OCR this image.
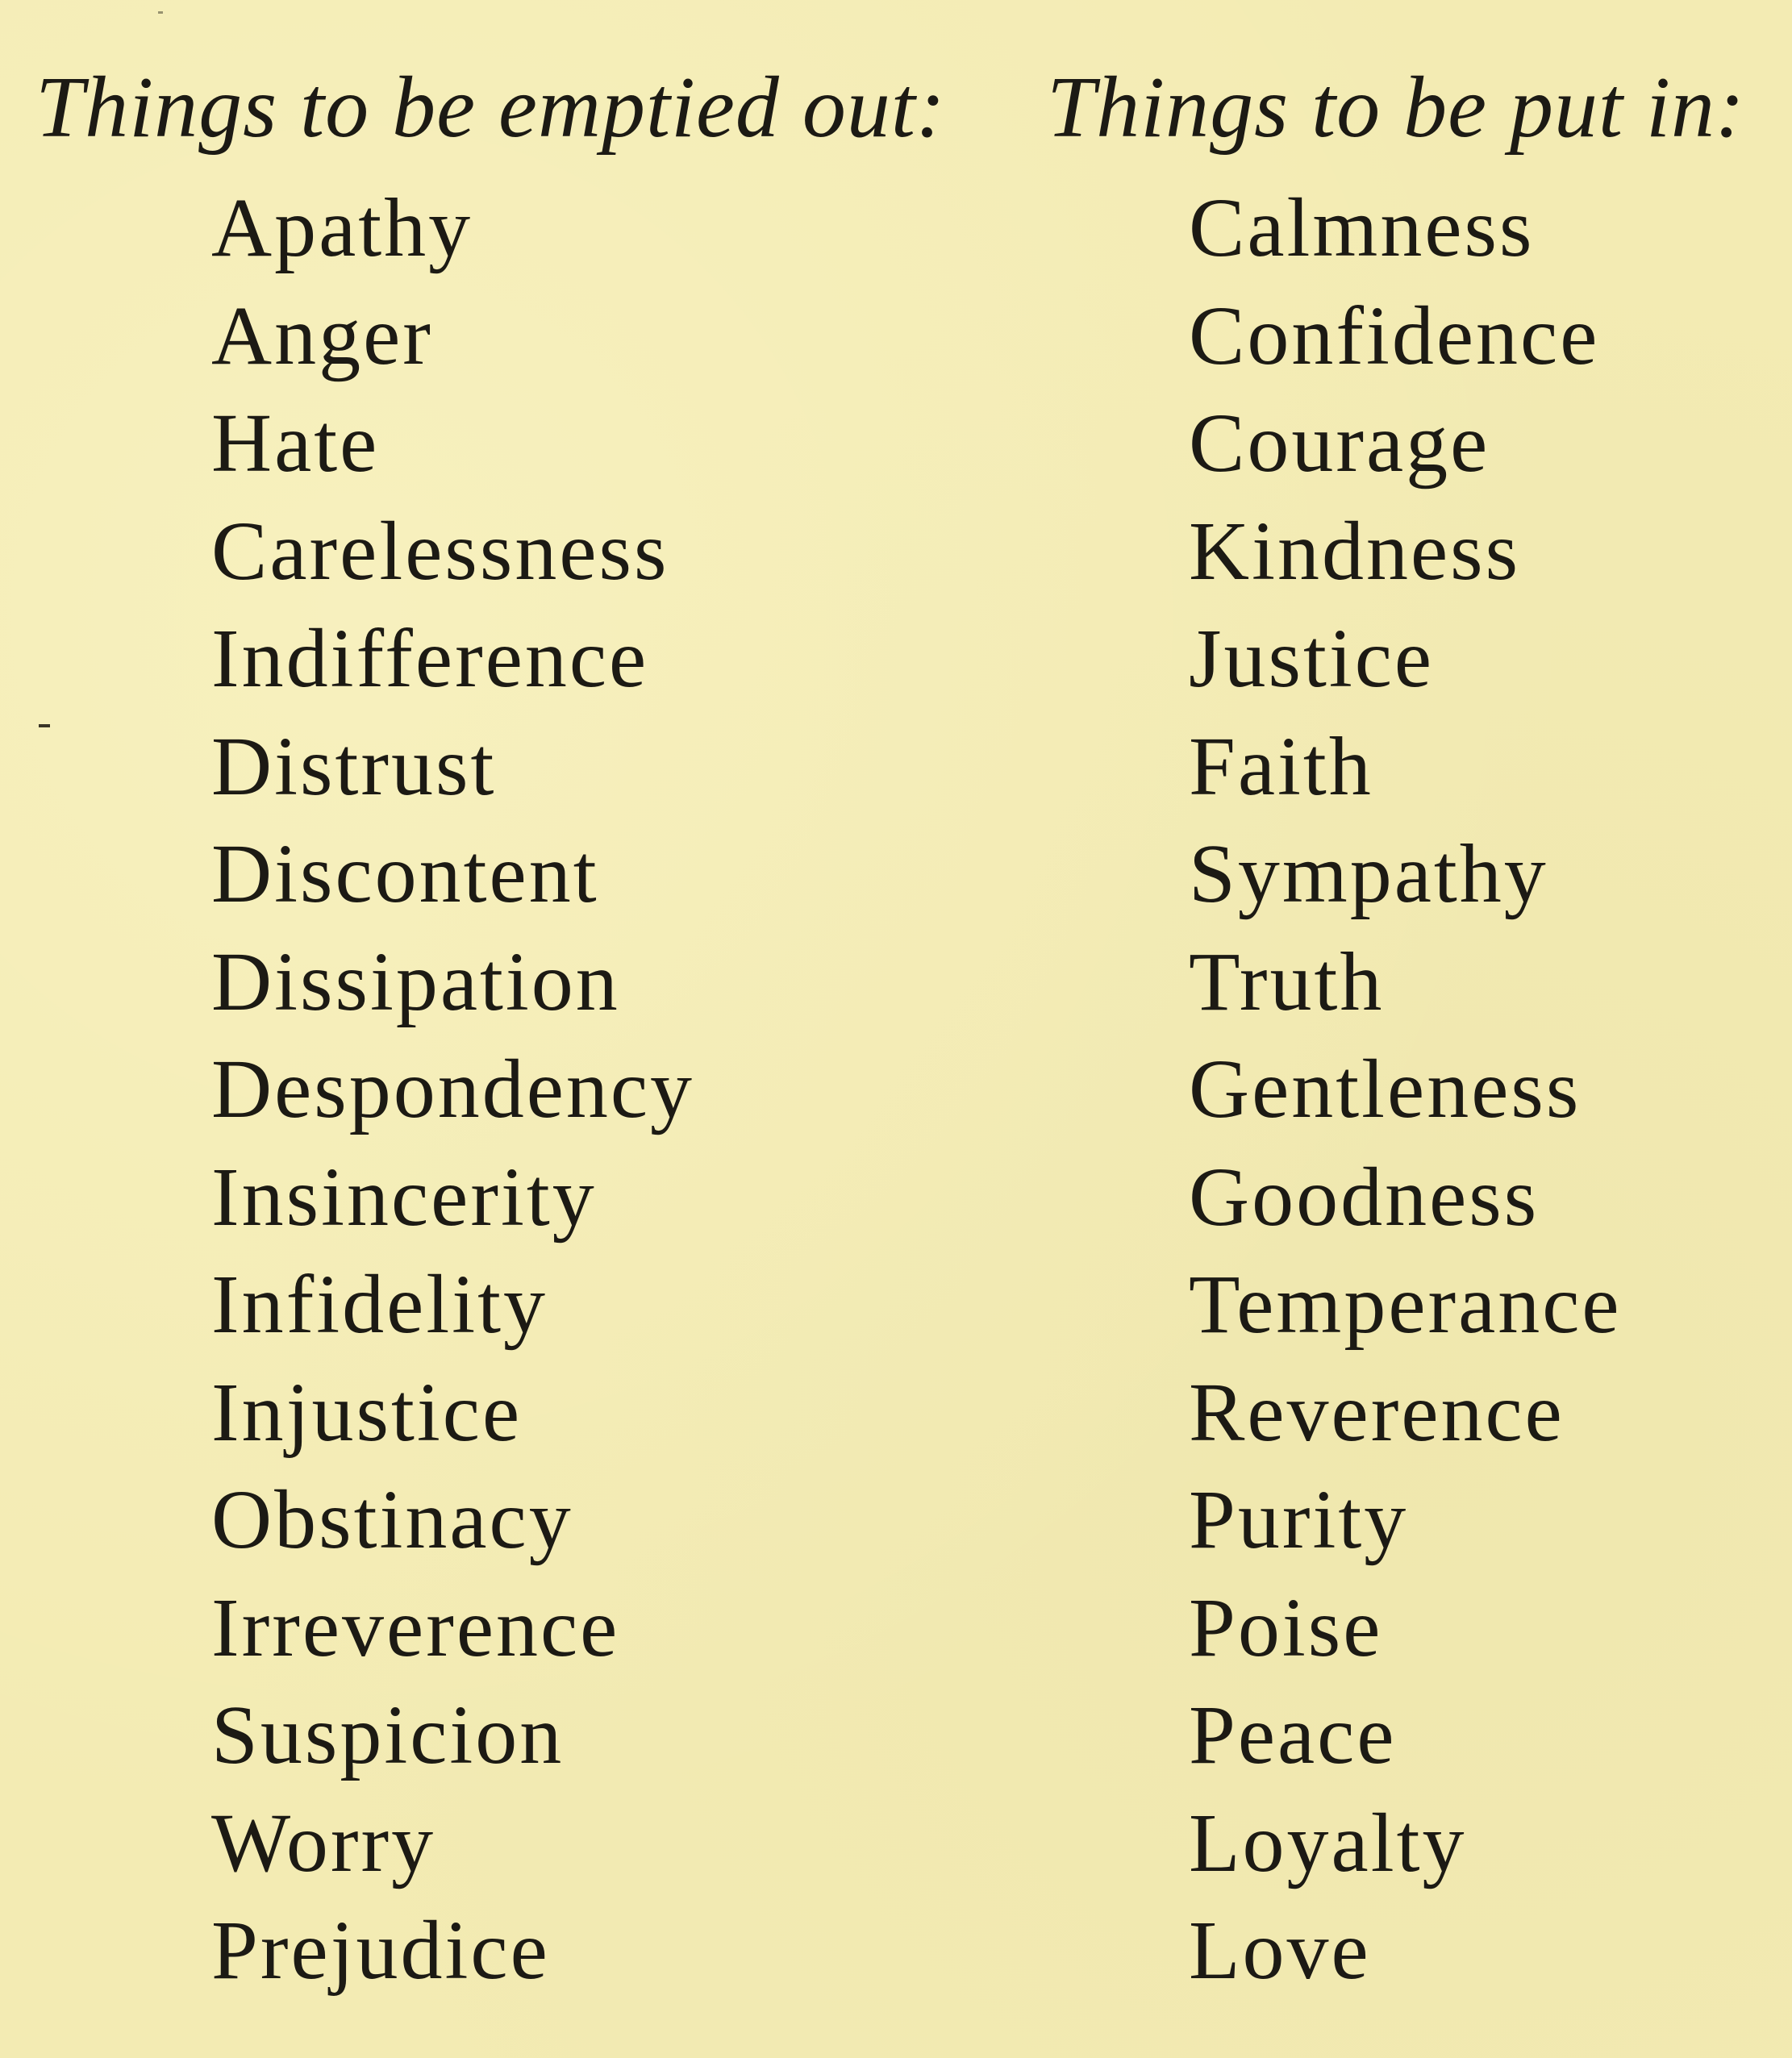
Things to be emptied out: Things to be put in:
Apathy
Anger
Hate
Carelessness
Indifference
Distrust
Discontent
Dissipation
Despondency
Insincerity
Infidelity
Injustice
Obstinacy
Irreverence
Suspicion
Worry
Prejudice
Calmness
Confidence
Courage
Kindness
Justice
Faith
Sympathy
Truth
Gentleness
Goodness
Temperance
Reverence
Purity
Poise
Peace
Loyalty
Love
